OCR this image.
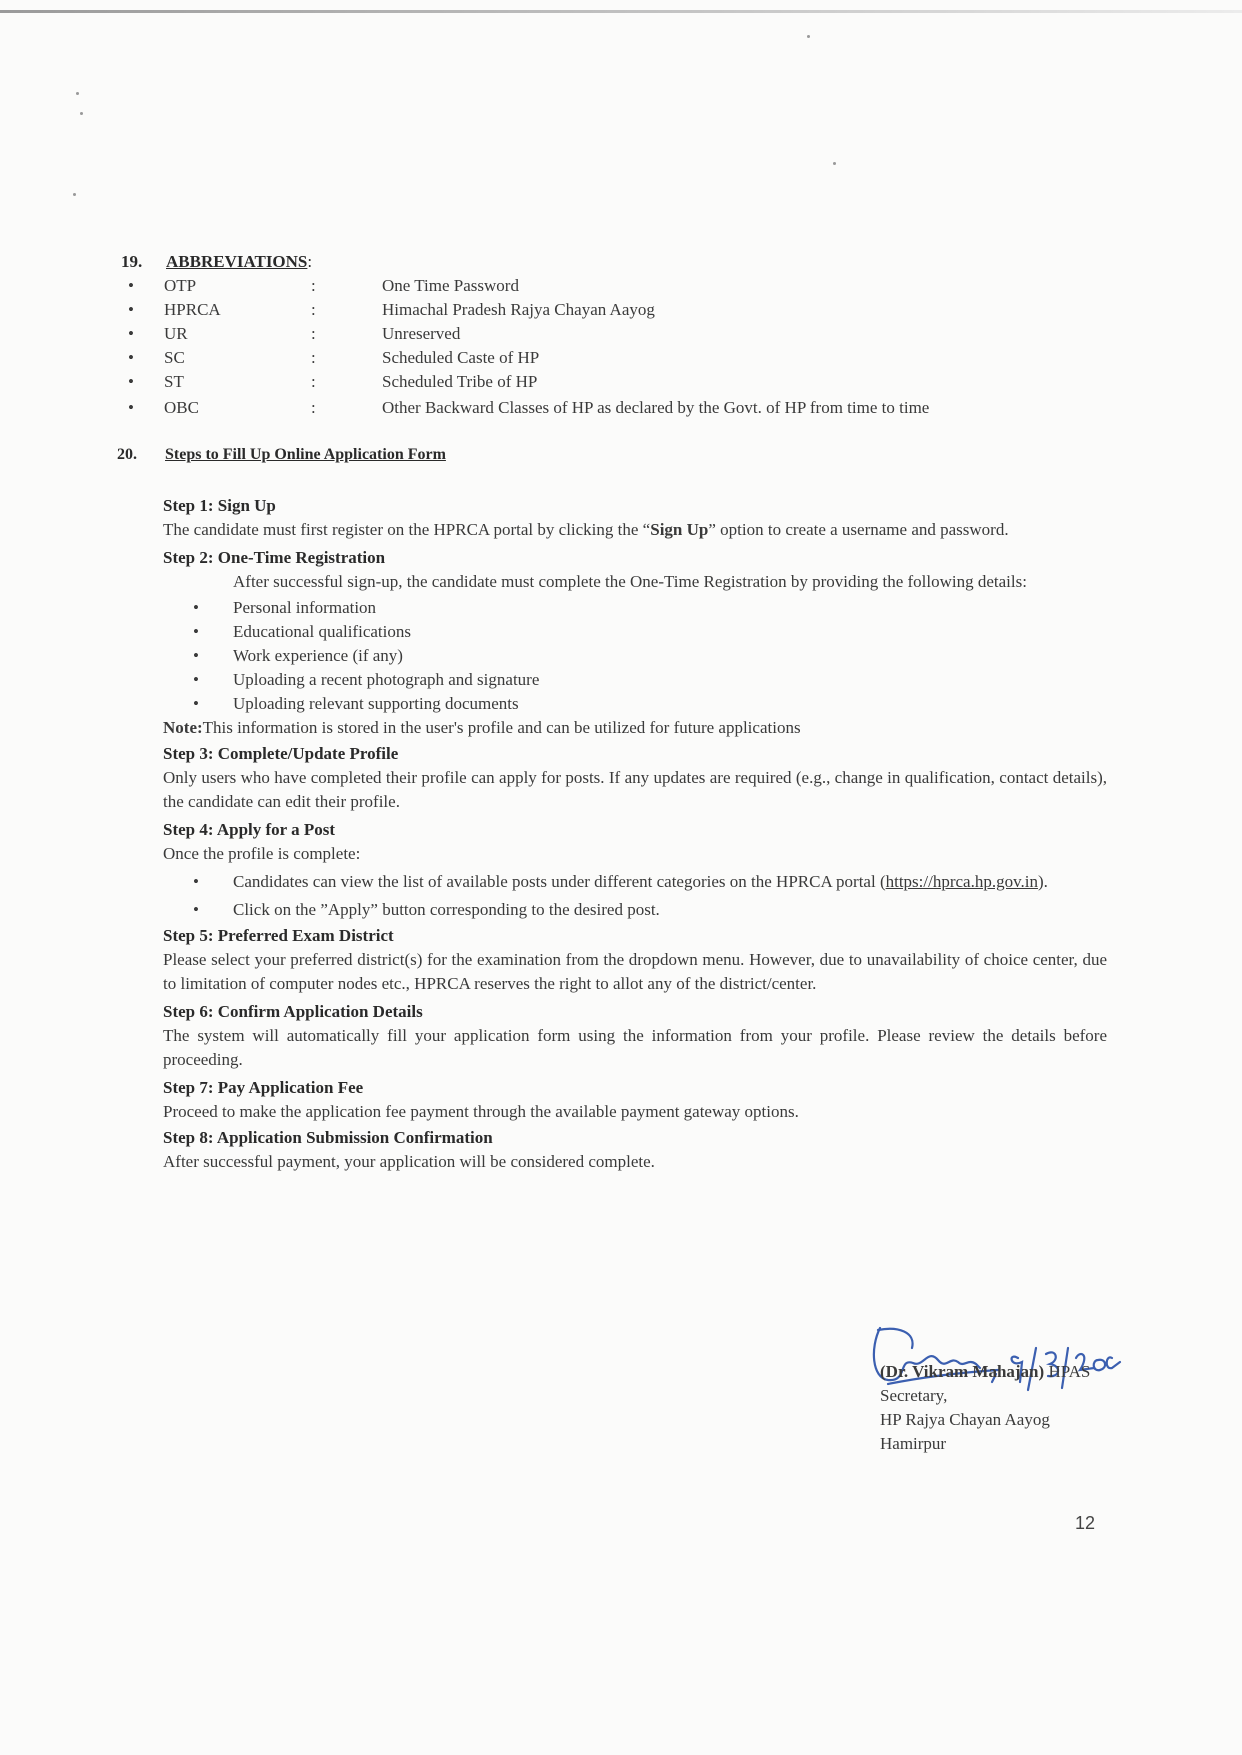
19. ABBREVIATIONS:
• OTP	:	One Time Password
• HPRCA	:	Himachal Pradesh Rajya Chayan Aayog
• UR	:	Unreserved
• SC	:	Scheduled Caste of HP
• ST	:	Scheduled Tribe of HP
• OBC	:	Other Backward Classes of HP as declared by the Govt. of HP from time to time
20. Steps to Fill Up Online Application Form
Step 1: Sign Up

The candidate must first register on the HPRCA portal by clicking the “Sign Up” option to create a username and password.

Step 2: One-Time Registration

After successful sign-up, the candidate must complete the One-Time Registration by providing the following details:

• Personal information
• Educational qualifications
• Work experience (if any)
• Uploading a recent photograph and signature
• Uploading relevant supporting documents

Note:This information is stored in the user's profile and can be utilized for future applications

Step 3: Complete/Update Profile

Only users who have completed their profile can apply for posts. If any updates are required (e.g., change in qualification, contact details), the candidate can edit their profile.

Step 4: Apply for a Post

Once the profile is complete:

• Candidates can view the list of available posts under different categories on the HPRCA portal (https://hprca.hp.gov.in).
• Click on the ”Apply” button corresponding to the desired post.
Step 5: Preferred Exam District

Please select your preferred district(s) for the examination from the dropdown menu. However, due to unavailability of choice center, due to limitation of computer nodes etc., HPRCA reserves the right to allot any of the district/center.

Step 6: Confirm Application Details

The system will automatically fill your application form using the information from your profile. Please review the details before proceeding.

Step 7: Pay Application Fee

Proceed to make the application fee payment through the available payment gateway options.

Step 8: Application Submission Confirmation

After successful payment, your application will be considered complete.

(Dr. Vikram Mahajan) HPAS
Secretary,
HP Rajya Chayan Aayog
Hamirpur
12
